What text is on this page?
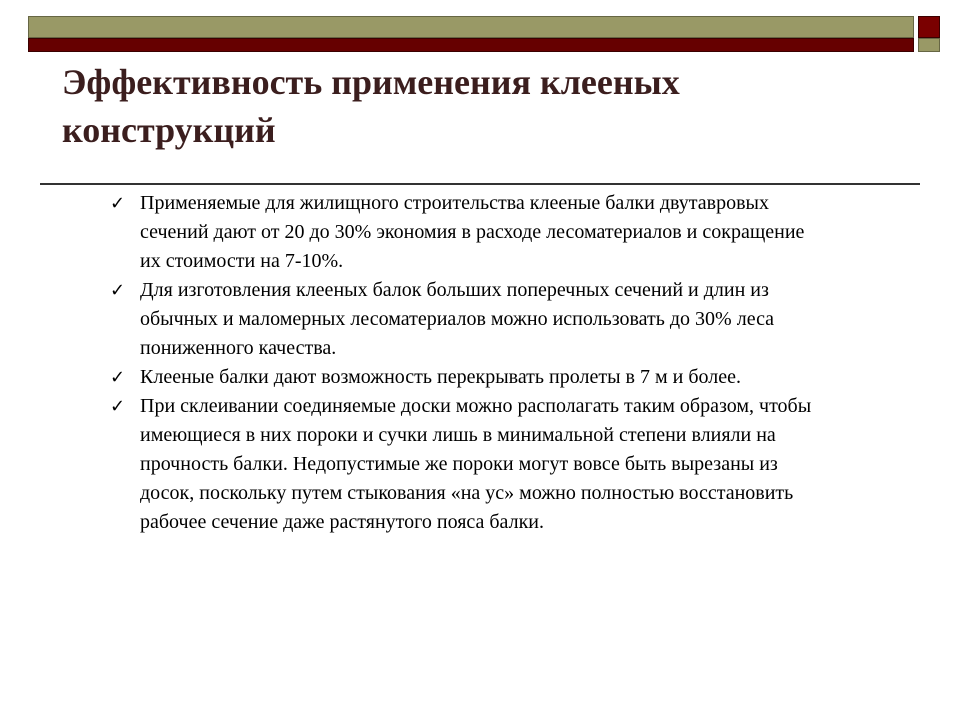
Эффективность применения клееных конструкций
✓ Применяемые для жилищного строительства клееные балки двутавровых сечений дают от 20 до 30% экономия в расходе лесоматериалов и сокращение их стоимости на 7-10%.
✓ Для изготовления клееных балок больших поперечных сечений и длин из обычных и маломерных лесоматериалов можно использовать до 30% леса пониженного качества.
✓ Клееные балки дают возможность перекрывать пролеты в 7 м и более.
✓ При склеивании соединяемые доски можно располагать таким образом, чтобы имеющиеся в них пороки и сучки лишь в минимальной степени влияли на прочность балки. Недопустимые же пороки могут вовсе быть вырезаны из досок, поскольку путем стыкования «на ус» можно полностью восстановить рабочее сечение даже растянутого пояса балки.
